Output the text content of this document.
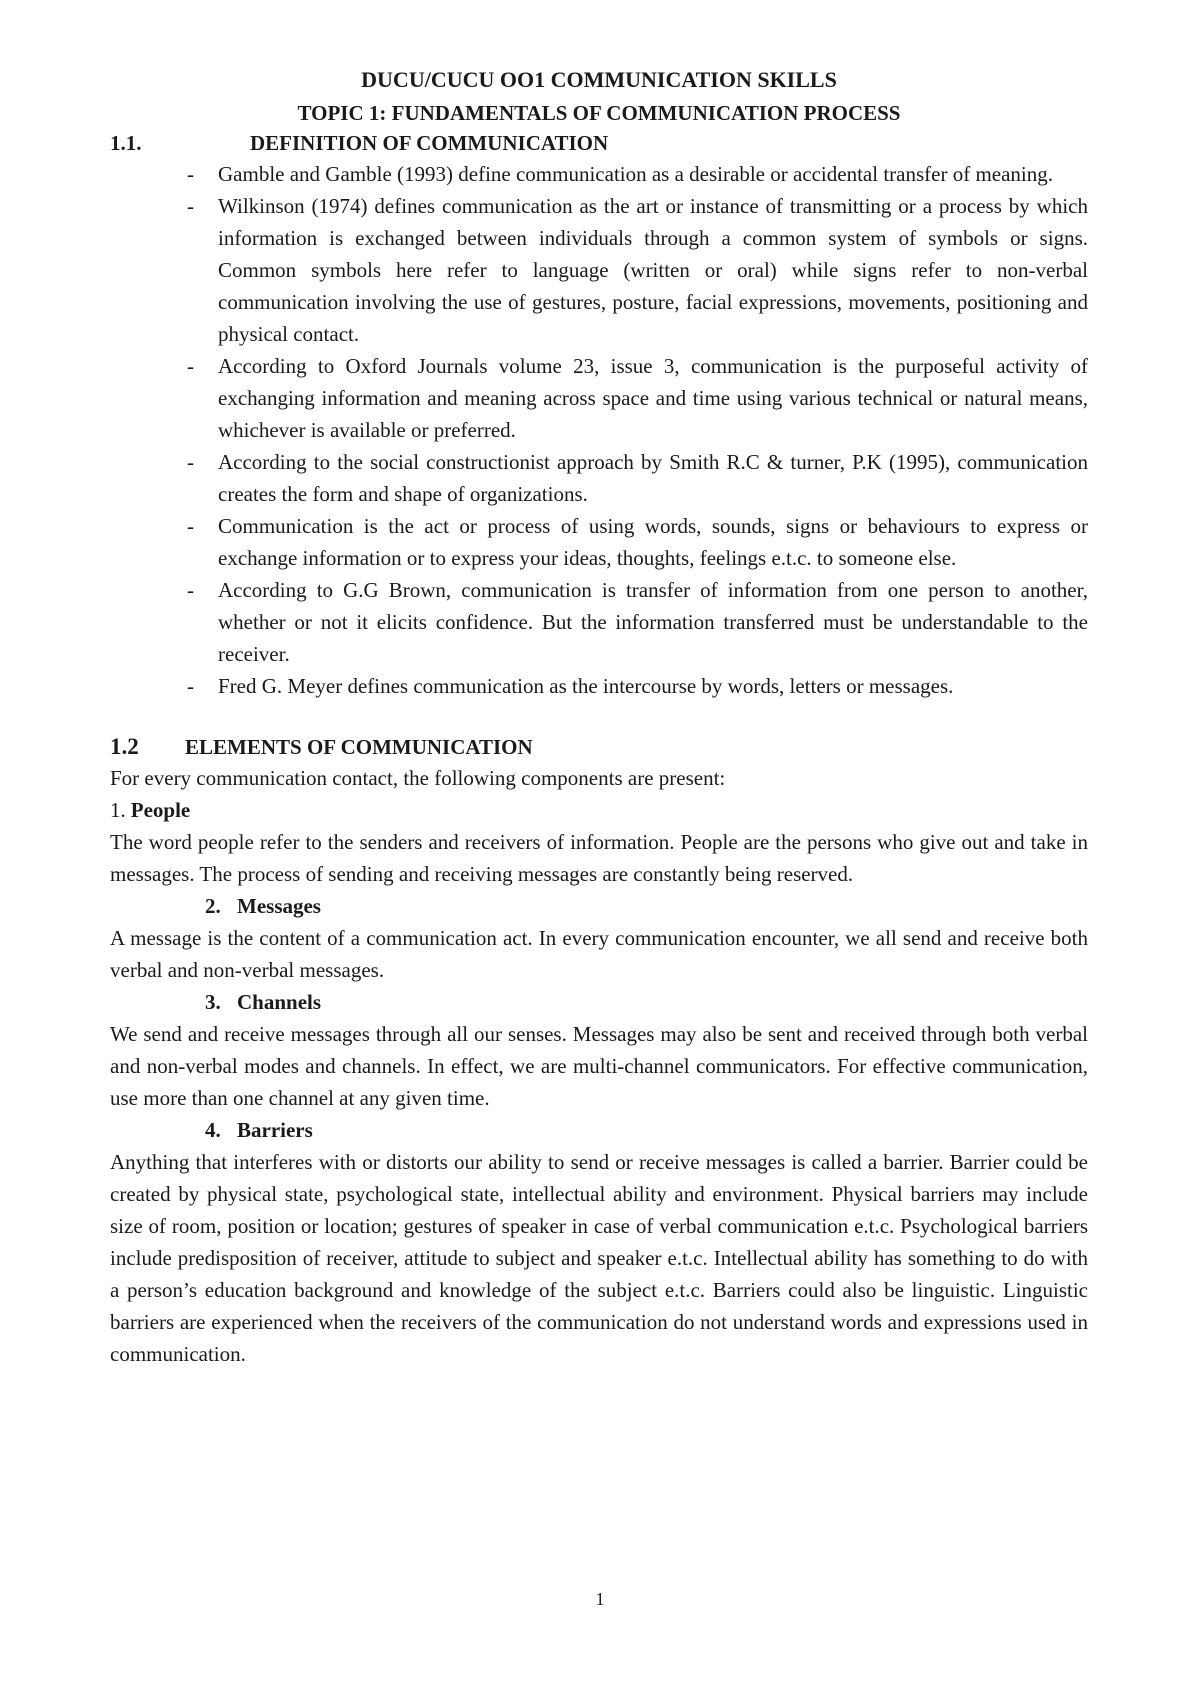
DUCU/CUCU OO1 COMMUNICATION SKILLS
TOPIC 1: FUNDAMENTALS OF COMMUNICATION PROCESS
1.1.	DEFINITION OF COMMUNICATION
- Gamble and Gamble (1993) define communication as a desirable or accidental transfer of meaning.
- Wilkinson (1974) defines communication as the art or instance of transmitting or a process by which information is exchanged between individuals through a common system of symbols or signs. Common symbols here refer to language (written or oral) while signs refer to non-verbal communication involving the use of gestures, posture, facial expressions, movements, positioning and physical contact.
- According to Oxford Journals volume 23, issue 3, communication is the purposeful activity of exchanging information and meaning across space and time using various technical or natural means, whichever is available or preferred.
- According to the social constructionist approach by Smith R.C & turner, P.K (1995), communication creates the form and shape of organizations.
- Communication is the act or process of using words, sounds, signs or behaviours to express or exchange information or to express your ideas, thoughts, feelings e.t.c. to someone else.
- According to G.G Brown, communication is transfer of information from one person to another, whether or not it elicits confidence. But the information transferred must be understandable to the receiver.
- Fred G. Meyer defines communication as the intercourse by words, letters or messages.
1.2	ELEMENTS OF COMMUNICATION

For every communication contact, the following components are present:

1. People

The word people refer to the senders and receivers of information. People are the persons who give out and take in messages. The process of sending and receiving messages are constantly being reserved.

2. Messages

A message is the content of a communication act. In every communication encounter, we all send and receive both verbal and non-verbal messages.

3. Channels

We send and receive messages through all our senses. Messages may also be sent and received through both verbal and non-verbal modes and channels. In effect, we are multi-channel communicators. For effective communication, use more than one channel at any given time.

4. Barriers

Anything that interferes with or distorts our ability to send or receive messages is called a barrier. Barrier could be created by physical state, psychological state, intellectual ability and environment. Physical barriers may include size of room, position or location; gestures of speaker in case of verbal communication e.t.c. Psychological barriers include predisposition of receiver, attitude to subject and speaker e.t.c. Intellectual ability has something to do with a person’s education background and knowledge of the subject e.t.c. Barriers could also be linguistic. Linguistic barriers are experienced when the receivers of the communication do not understand words and expressions used in communication.

1
